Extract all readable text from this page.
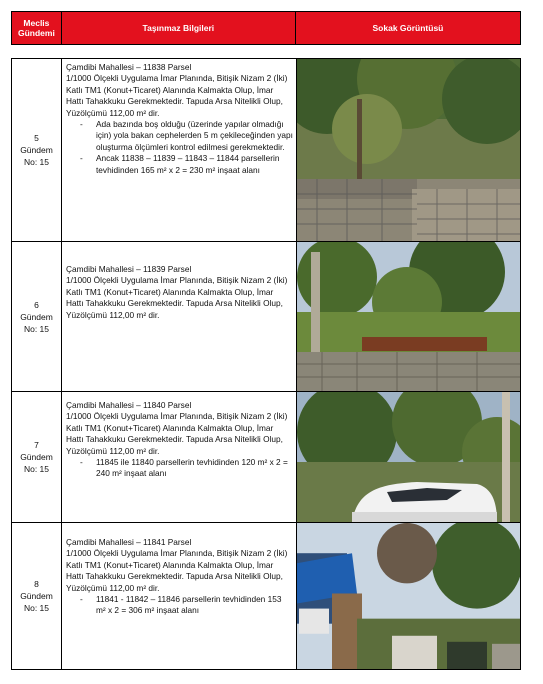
Meclis Gündemi	Taşınmaz Bilgileri	Sokak Görüntüsü
5
Gündem
No: 15

Çamdibi Mahallesi – 11838 Parsel

1/1000 Ölçekli Uygulama İmar Planında, Bitişik Nizam 2 (İki) Katlı TM1 (Konut+Ticaret) Alanında Kalmakta Olup, İmar Hattı Tahakkuku Gerekmektedir. Tapuda Arsa Nitelikli Olup, Yüzölçümü 112,00 m² dir.

- Ada bazında boş olduğu (üzerinde yapılar olmadığı için) yola bakan cephelerden 5 m çekileceğinden yapı oluşturma ölçümleri kontrol edilmesi gerekmektedir.
- Ancak 11838 – 11839 – 11843 – 11844 parsellerin tevhidinden 165 m² x 2 = 230 m² inşaat alanı
6
Gündem
No: 15

Çamdibi Mahallesi – 11839 Parsel

1/1000 Ölçekli Uygulama İmar Planında, Bitişik Nizam 2 (İki) Katlı TM1 (Konut+Ticaret) Alanında Kalmakta Olup, İmar Hattı Tahakkuku Gerekmektedir. Tapuda Arsa Nitelikli Olup, Yüzölçümü 112,00 m² dir.

7
Gündem
No: 15

Çamdibi Mahallesi – 11840 Parsel

1/1000 Ölçekli Uygulama İmar Planında, Bitişik Nizam 2 (İki) Katlı TM1 (Konut+Ticaret) Alanında Kalmakta Olup, İmar Hattı Tahakkuku Gerekmektedir. Tapuda Arsa Nitelikli Olup, Yüzölçümü 112,00 m² dir.

- 11845 ile 11840 parsellerin tevhidinden 120 m² x 2 = 240 m² inşaat alanı
8
Gündem
No: 15

Çamdibi Mahallesi – 11841 Parsel

1/1000 Ölçekli Uygulama İmar Planında, Bitişik Nizam 2 (İki) Katlı TM1 (Konut+Ticaret) Alanında Kalmakta Olup, İmar Hattı Tahakkuku Gerekmektedir. Tapuda Arsa Nitelikli Olup, Yüzölçümü 112,00 m² dir.

- 11841 - 11842 – 11846 parsellerin tevhidinden 153 m² x 2 = 306 m² inşaat alanı
